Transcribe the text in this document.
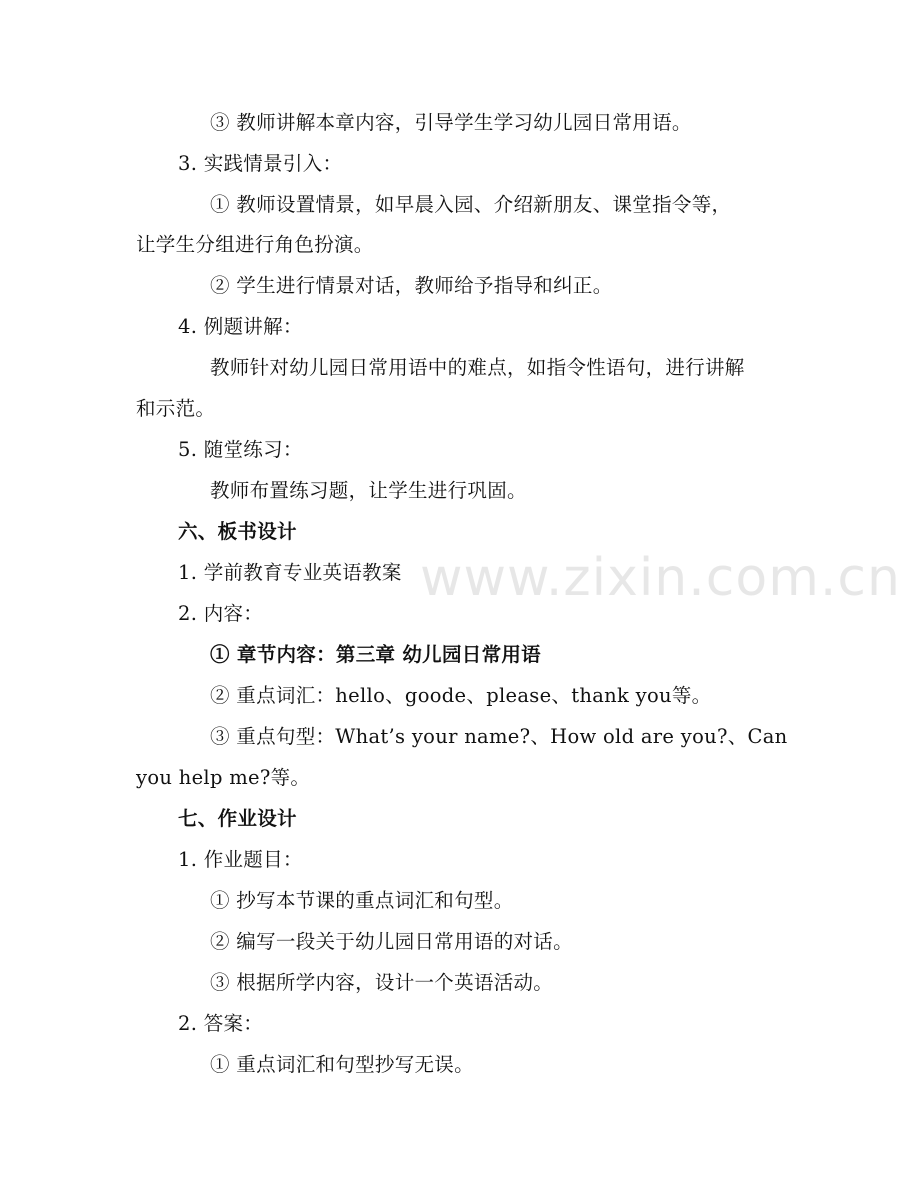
③ 教师讲解本章内容，引导学生学习幼儿园日常用语。
3. 实践情景引入：
① 教师设置情景，如早晨入园、介绍新朋友、课堂指令等，
让学生分组进行角色扮演。
② 学生进行情景对话，教师给予指导和纠正。
4. 例题讲解：
教师针对幼儿园日常用语中的难点，如指令性语句，进行讲解
和示范。
5. 随堂练习：
教师布置练习题，让学生进行巩固。
六、板书设计
1. 学前教育专业英语教案
2. 内容：
① 章节内容：第三章 幼儿园日常用语
② 重点词汇：hello、goode、please、thank you等。
③ 重点句型：What’s your name?、How old are you?、Can
you help me?等。
七、作业设计
1. 作业题目：
① 抄写本节课的重点词汇和句型。
② 编写一段关于幼儿园日常用语的对话。
③ 根据所学内容，设计一个英语活动。
2. 答案：
① 重点词汇和句型抄写无误。
www.zixin.com.cn
